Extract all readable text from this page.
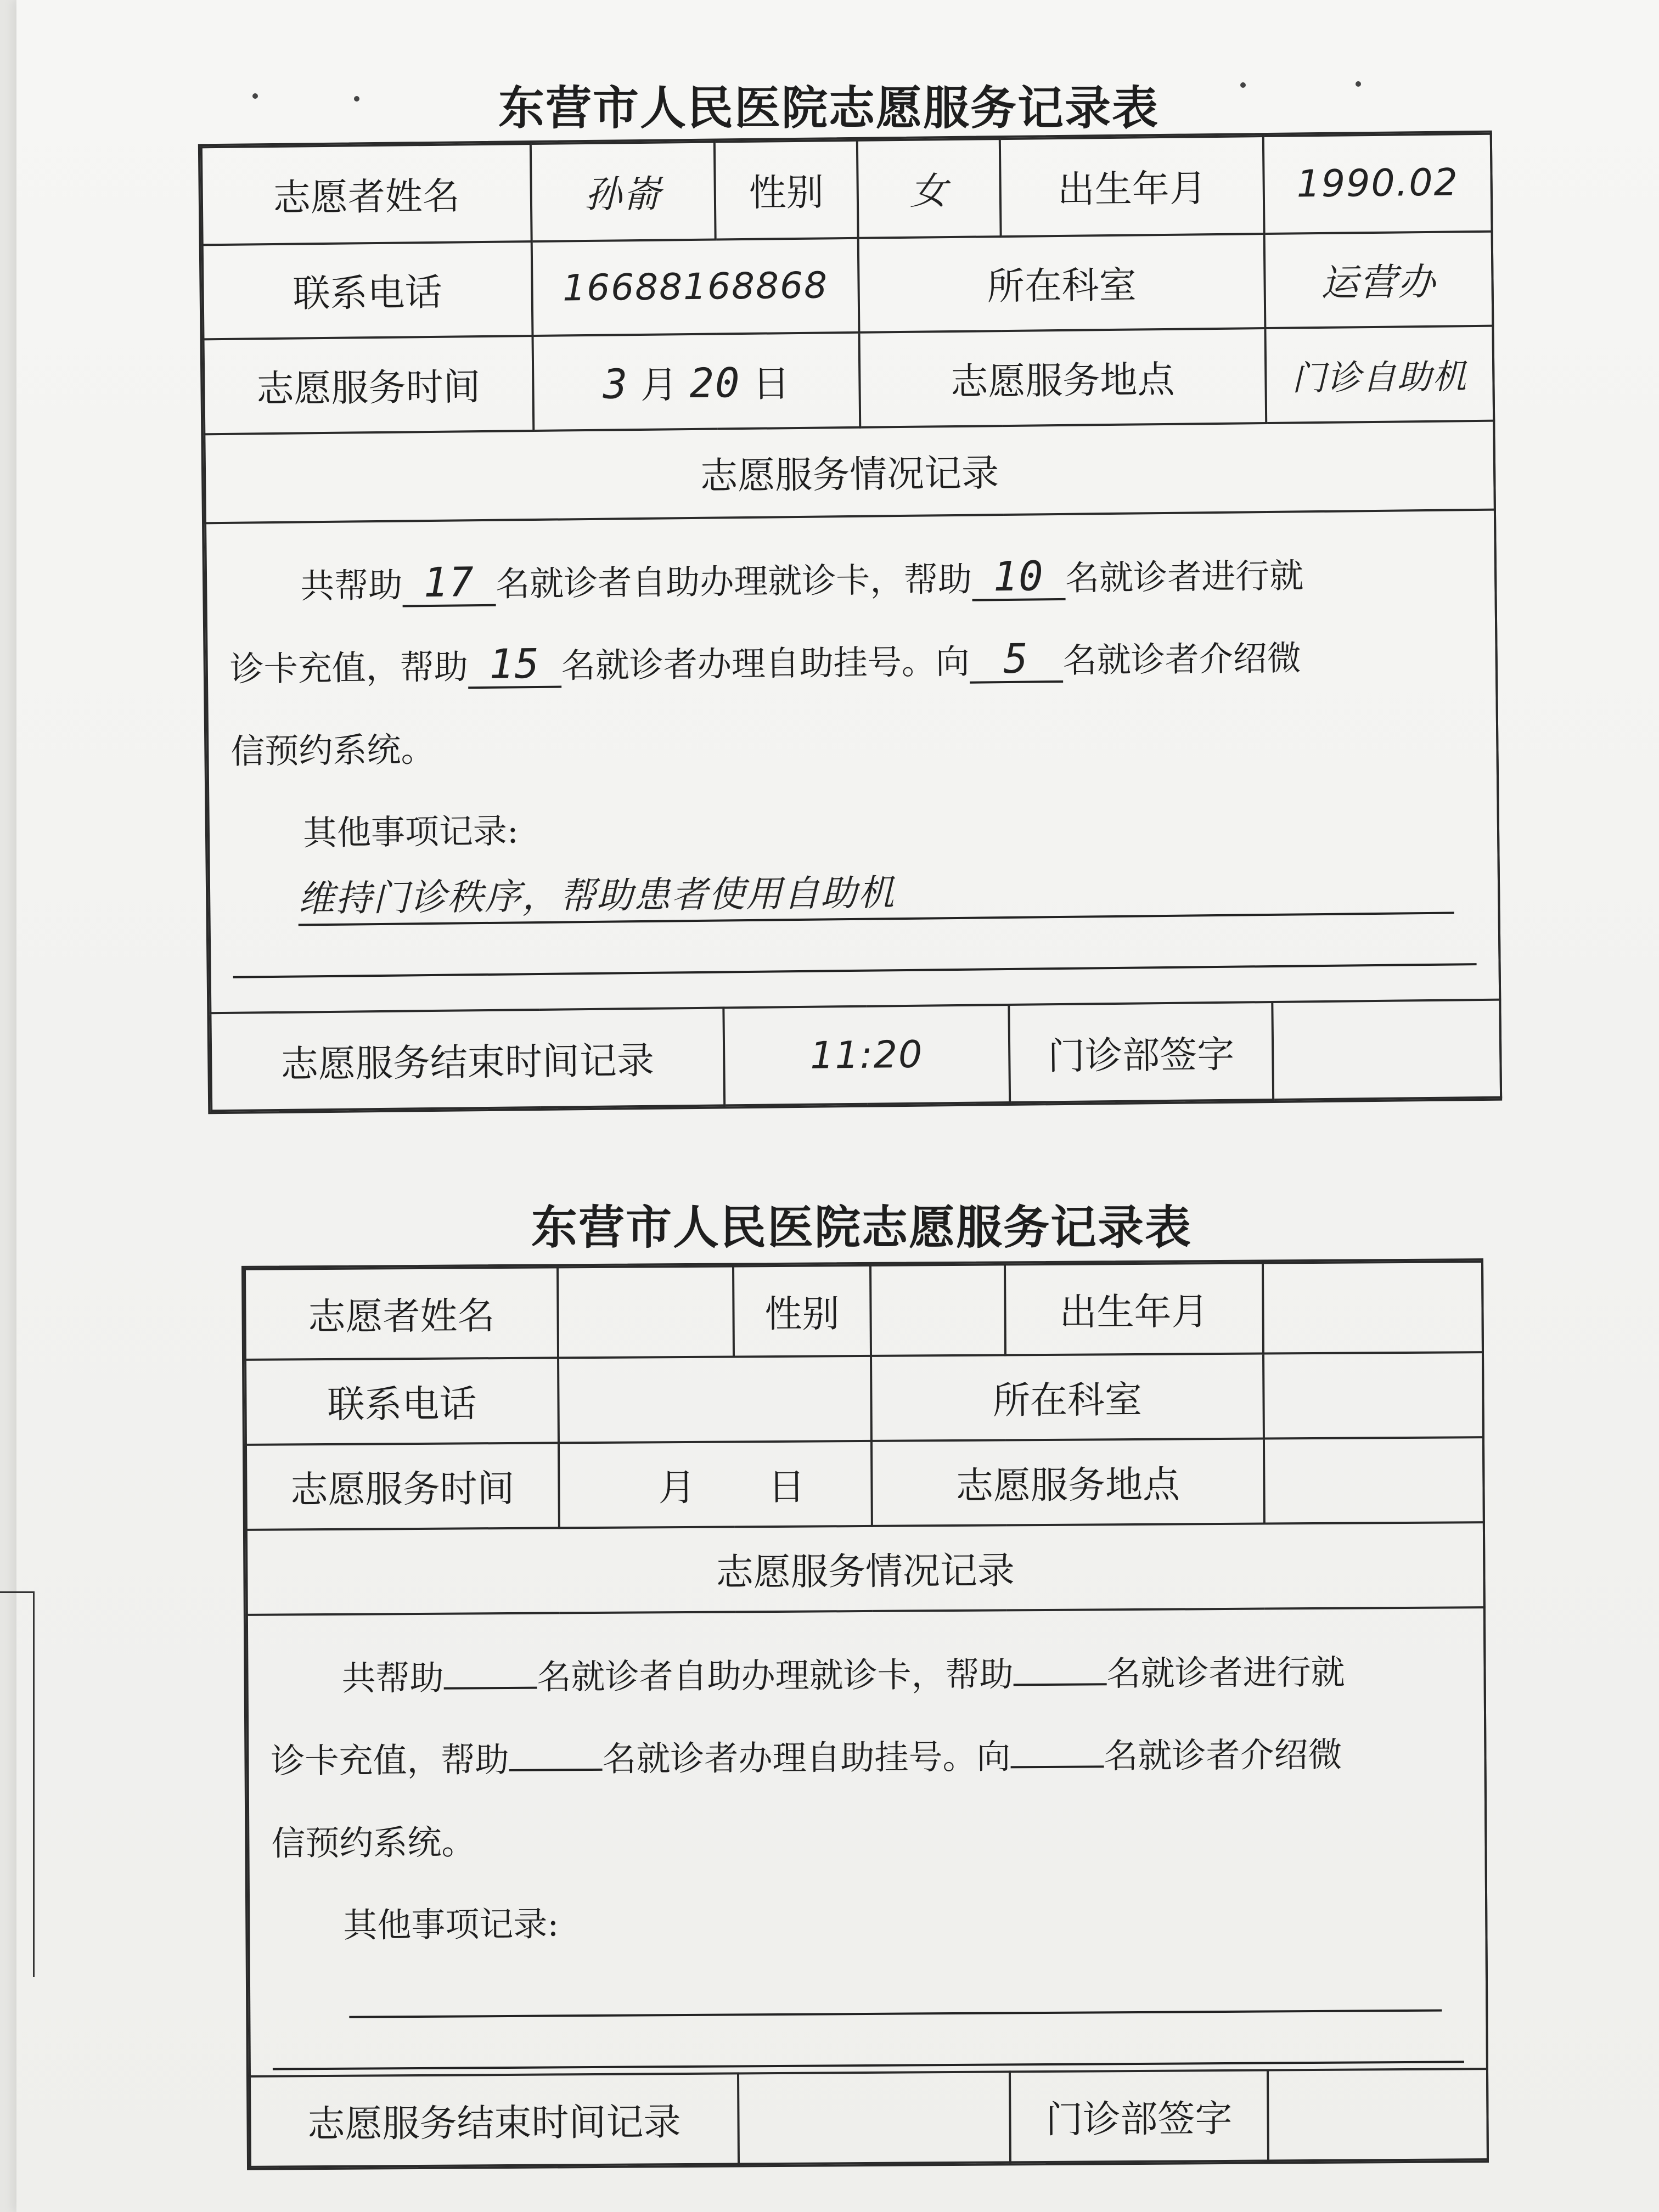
东营市人民医院志愿服务记录表
志愿者姓名	孙嵛	性别	女	出生年月	1990.02
联系电话	16688168868		所在科室		运营办
志愿服务时间	3 月 20 日		志愿服务地点		门诊自助机
志愿服务情况记录					

共帮助 17 名就诊者自助办理就诊卡，帮助 10 名就诊者进行就
诊卡充值，帮助 15 名就诊者办理自助挂号。向 5 名就诊者介绍微
信预约系统。
其他事项记录:
维持门诊秩序，帮助患者使用自助机					

志愿服务结束时间记录		11:20		门诊部签字	
东营市人民医院志愿服务记录表
志愿者姓名		性别		出生年月	
联系电话			所在科室		
志愿服务时间	月 日		志愿服务地点		
志愿服务情况记录					

共帮助 名就诊者自助办理就诊卡，帮助 名就诊者进行就
诊卡充值，帮助 名就诊者办理自助挂号。向 名就诊者介绍微
信预约系统。
其他事项记录:					

志愿服务结束时间记录				门诊部签字	
